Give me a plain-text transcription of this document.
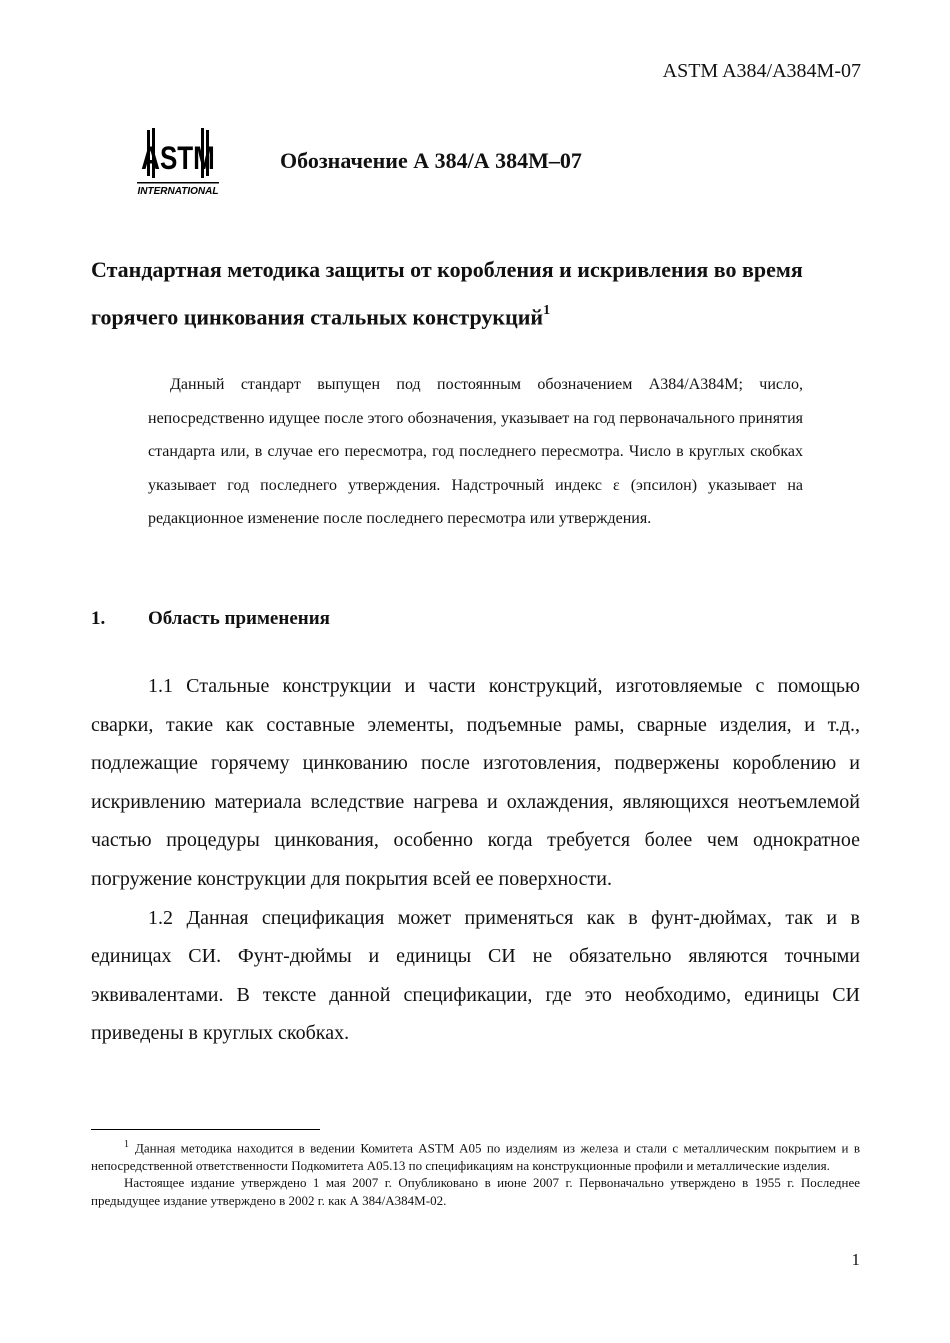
ASTM A384/A384M-07
ASTM
INTERNATIONAL
Обозначение А 384/А 384М–07
Стандартная методика защиты от коробления и искривления во время горячего цинкования стальных конструкций$^1$

Данный стандарт выпущен под постоянным обозначением А384/А384М; число, непосредственно идущее после этого обозначения, указывает на год первоначального принятия стандарта или, в случае его пересмотра, год последнего пересмотра. Число в круглых скобках указывает год последнего утверждения. Надстрочный индекс ε (эпсилон) указывает на редакционное изменение после последнего пересмотра или утверждения.

1. Область применения

1.1 Стальные конструкции и части конструкций, изготовляемые с помощью сварки, такие как составные элементы, подъемные рамы, сварные изделия, и т.д., подлежащие горячему цинкованию после изготовления, подвержены короблению и искривлению материала вследствие нагрева и охлаждения, являющихся неотъемлемой частью процедуры цинкования, особенно когда требуется более чем однократное погружение конструкции для покрытия всей ее поверхности.

1.2 Данная спецификация может применяться как в фунт-дюймах, так и в единицах СИ. Фунт-дюймы и единицы СИ не обязательно являются точными эквивалентами. В тексте данной спецификации, где это необходимо, единицы СИ приведены в круглых скобках.

$^1$ Данная методика находится в ведении Комитета ASTM A05 по изделиям из железа и стали с металлическим покрытием и в непосредственной ответственности Подкомитета A05.13 по спецификациям на конструкционные профили и металлические изделия.

Настоящее издание утверждено 1 мая 2007 г. Опубликовано в июне 2007 г. Первоначально утверждено в 1955 г. Последнее предыдущее издание утверждено в 2002 г. как А 384/А384М-02.

1
